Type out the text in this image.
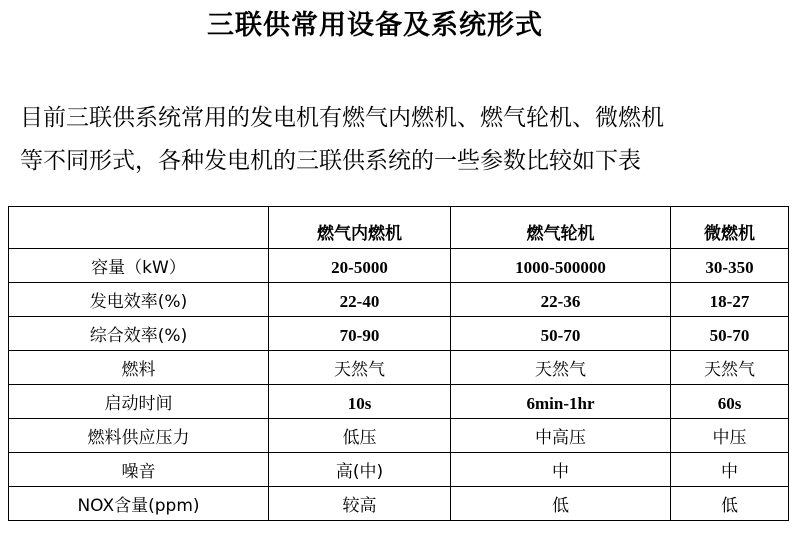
三联供常用设备及系统形式
目前三联供系统常用的发电机有燃气内燃机、燃气轮机、微燃机
等不同形式，各种发电机的三联供系统的一些参数比较如下表
	燃气内燃机	燃气轮机	微燃机
容量（kW）	20-5000	1000-500000	30-350
发电效率(%)	22-40	22-36	18-27
综合效率(%)	70-90	50-70	50-70
燃料	天然气	天然气	天然气
启动时间	10s	6min-1hr	60s
燃料供应压力	低压	中高压	中压
噪音	高(中)	中	中
NOX含量(ppm)	较高	低	低
